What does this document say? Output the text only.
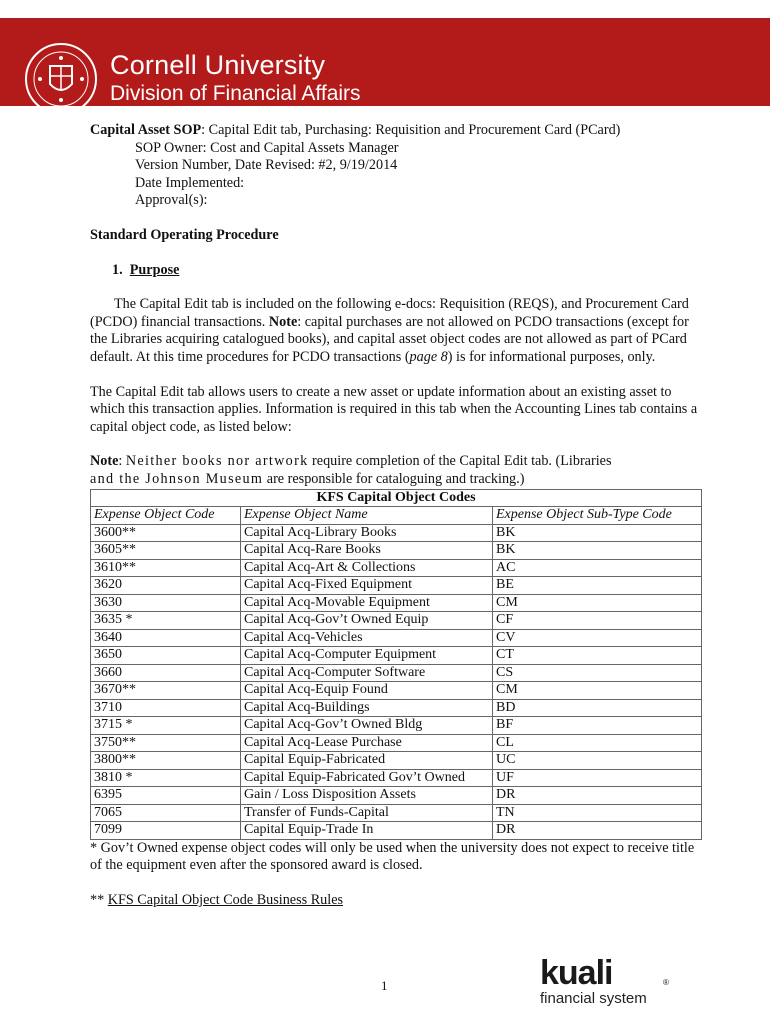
Cornell University
Division of Financial Affairs
Capital Asset SOP: Capital Edit tab, Purchasing: Requisition and Procurement Card (PCard)
SOP Owner: Cost and Capital Assets Manager
Version Number, Date Revised: #2, 9/19/2014
Date Implemented:
Approval(s):
Standard Operating Procedure
1. Purpose

The Capital Edit tab is included on the following e-docs: Requisition (REQS), and Procurement Card (PCDO) financial transactions. Note: capital purchases are not allowed on PCDO transactions (except for the Libraries acquiring catalogued books), and capital asset object codes are not allowed as part of PCard default. At this time procedures for PCDO transactions (page 8) is for informational purposes, only.

The Capital Edit tab allows users to create a new asset or update information about an existing asset to which this transaction applies. Information is required in this tab when the Accounting Lines tab contains a capital object code, as listed below:

Note: Neither books nor artwork require completion of the Capital Edit tab. (Libraries
and the Johnson Museum are responsible for cataloguing and tracking.)

KFS Capital Object Codes		
Expense Object Code	Expense Object Name	Expense Object Sub-Type Code
3600**	Capital Acq-Library Books	BK
3605**	Capital Acq-Rare Books	BK
3610**	Capital Acq-Art & Collections	AC
3620	Capital Acq-Fixed Equipment	BE
3630	Capital Acq-Movable Equipment	CM
3635 *	Capital Acq-Gov’t Owned Equip	CF
3640	Capital Acq-Vehicles	CV
3650	Capital Acq-Computer Equipment	CT
3660	Capital Acq-Computer Software	CS
3670**	Capital Acq-Equip Found	CM
3710	Capital Acq-Buildings	BD
3715 *	Capital Acq-Gov’t Owned Bldg	BF
3750**	Capital Acq-Lease Purchase	CL
3800**	Capital Equip-Fabricated	UC
3810 *	Capital Equip-Fabricated Gov’t Owned	UF
6395	Gain / Loss Disposition Assets	DR
7065	Transfer of Funds-Capital	TN
7099	Capital Equip-Trade In	DR

* Gov’t Owned expense object codes will only be used when the university does not expect to receive title of the equipment even after the sponsored award is closed.

** KFS Capital Object Code Business Rules

1	kuali	®
financial system
